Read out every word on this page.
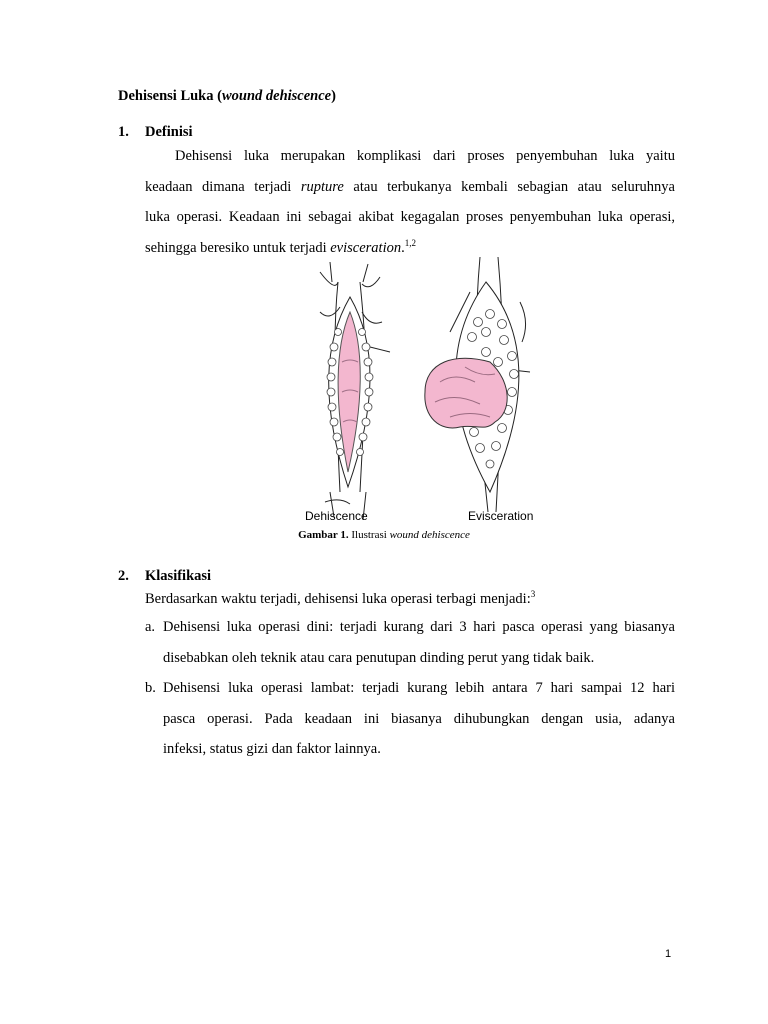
Dehisensi Luka (wound dehiscence)
1. Definisi
Dehisensi luka merupakan komplikasi dari proses penyembuhan luka yaitu
keadaan dimana terjadi rupture atau terbukanya kembali sebagian atau seluruhnya
luka operasi. Keadaan ini sebagai akibat kegagalan proses penyembuhan luka operasi,
sehingga beresiko untuk terjadi evisceration.$^{1,2}$
Dehiscence	Evisceration
Gambar 1. Ilustrasi wound dehiscence
2. Klasifikasi
Berdasarkan waktu terjadi, dehisensi luka operasi terbagi menjadi:$^3$
a. Dehisensi luka operasi dini: terjadi kurang dari 3 hari pasca operasi yang biasanya
disebabkan oleh teknik atau cara penutupan dinding perut yang tidak baik.
b. Dehisensi luka operasi lambat: terjadi kurang lebih antara 7 hari sampai 12 hari
pasca operasi. Pada keadaan ini biasanya dihubungkan dengan usia, adanya
infeksi, status gizi dan faktor lainnya.
1
